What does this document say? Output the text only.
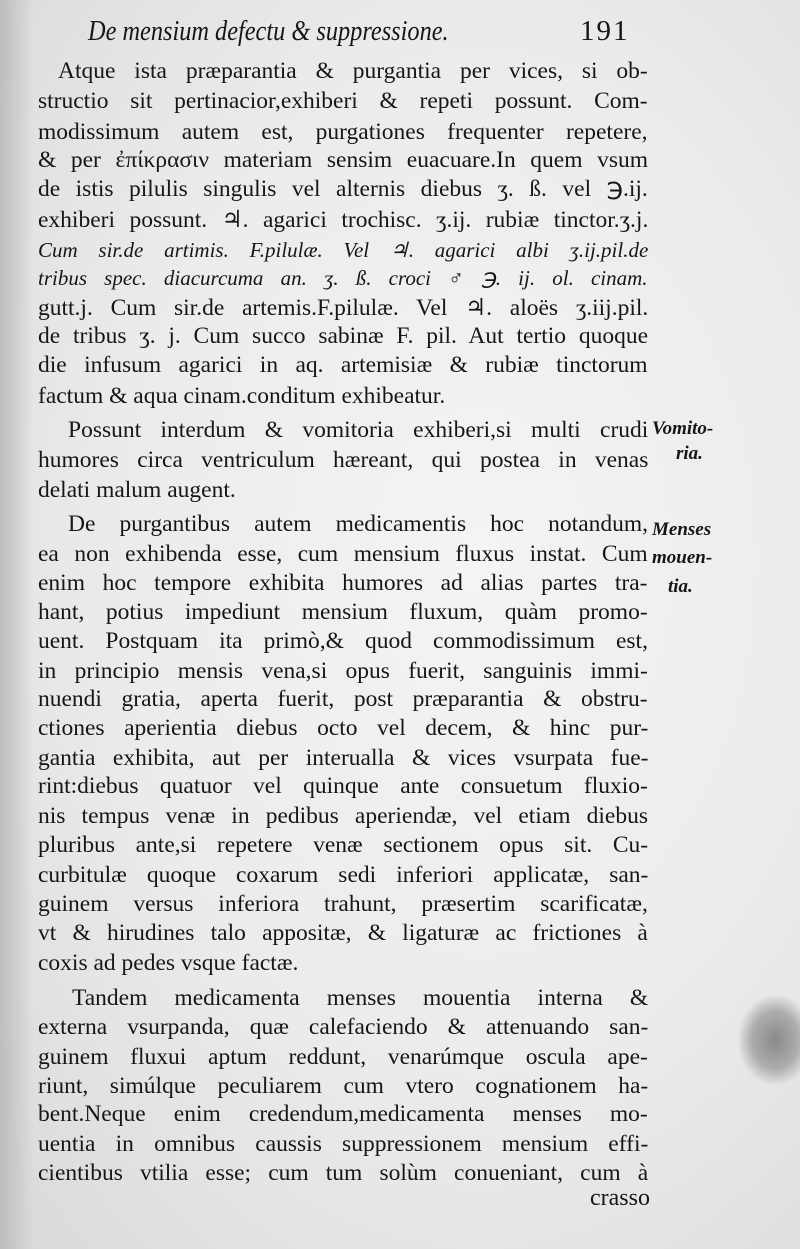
De mensium defectu & suppressione.	191
Atque ista præparantia & purgantia per vices, si ob-
structio sit pertinacior,exhiberi & repeti possunt. Com-
modissimum autem est, purgationes frequenter repetere,
& per ἐπίκρασιν materiam sensim euacuare.In quem vsum
de istis pilulis singulis vel alternis diebus ʒ. ß. vel ℈.ij.
exhiberi possunt. ♃. agarici trochisc. ʒ.ij. rubiæ tinctor.ʒ.j.
Cum sir.de artimis. F.pilulæ. Vel ♃. agarici albi ʒ.ij.pil.de
tribus spec. diacurcuma an. ʒ. ß. croci ♂ ℈. ij. ol. cinam.
gutt.j. Cum sir.de artemis.F.pilulæ. Vel ♃. aloës ʒ.iij.pil.
de tribus ʒ. j. Cum succo sabinæ F. pil. Aut tertio quoque
die infusum agarici in aq. artemisiæ & rubiæ tinctorum
factum & aqua cinam.conditum exhibeatur.
Possunt interdum & vomitoria exhiberi,si multi crudi
humores circa ventriculum hæreant, qui postea in venas
delati malum augent.
De purgantibus autem medicamentis hoc notandum,
ea non exhibenda esse, cum mensium fluxus instat. Cum
enim hoc tempore exhibita humores ad alias partes tra-
hant, potius impediunt mensium fluxum, quàm promo-
uent. Postquam ita primò,& quod commodissimum est,
in principio mensis vena,si opus fuerit, sanguinis immi-
nuendi gratia, aperta fuerit, post præparantia & obstru-
ctiones aperientia diebus octo vel decem, & hinc pur-
gantia exhibita, aut per interualla & vices vsurpata fue-
rint:diebus quatuor vel quinque ante consuetum fluxio-
nis tempus venæ in pedibus aperiendæ, vel etiam diebus
pluribus ante,si repetere venæ sectionem opus sit. Cu-
curbitulæ quoque coxarum sedi inferiori applicatæ, san-
guinem versus inferiora trahunt, præsertim scarificatæ,
vt & hirudines talo appositæ, & ligaturæ ac frictiones à
coxis ad pedes vsque factæ.
Tandem medicamenta menses mouentia interna &
externa vsurpanda, quæ calefaciendo & attenuando san-
guinem fluxui aptum reddunt, venarúmque oscula ape-
riunt, simúlque peculiarem cum vtero cognationem ha-
bent.Neque enim credendum,medicamenta menses mo-
uentia in omnibus caussis suppressionem mensium effi-
cientibus vtilia esse; cum tum solùm conueniant, cum à
Vomito-
ria.
Menses
mouen-
tia.
crasso
